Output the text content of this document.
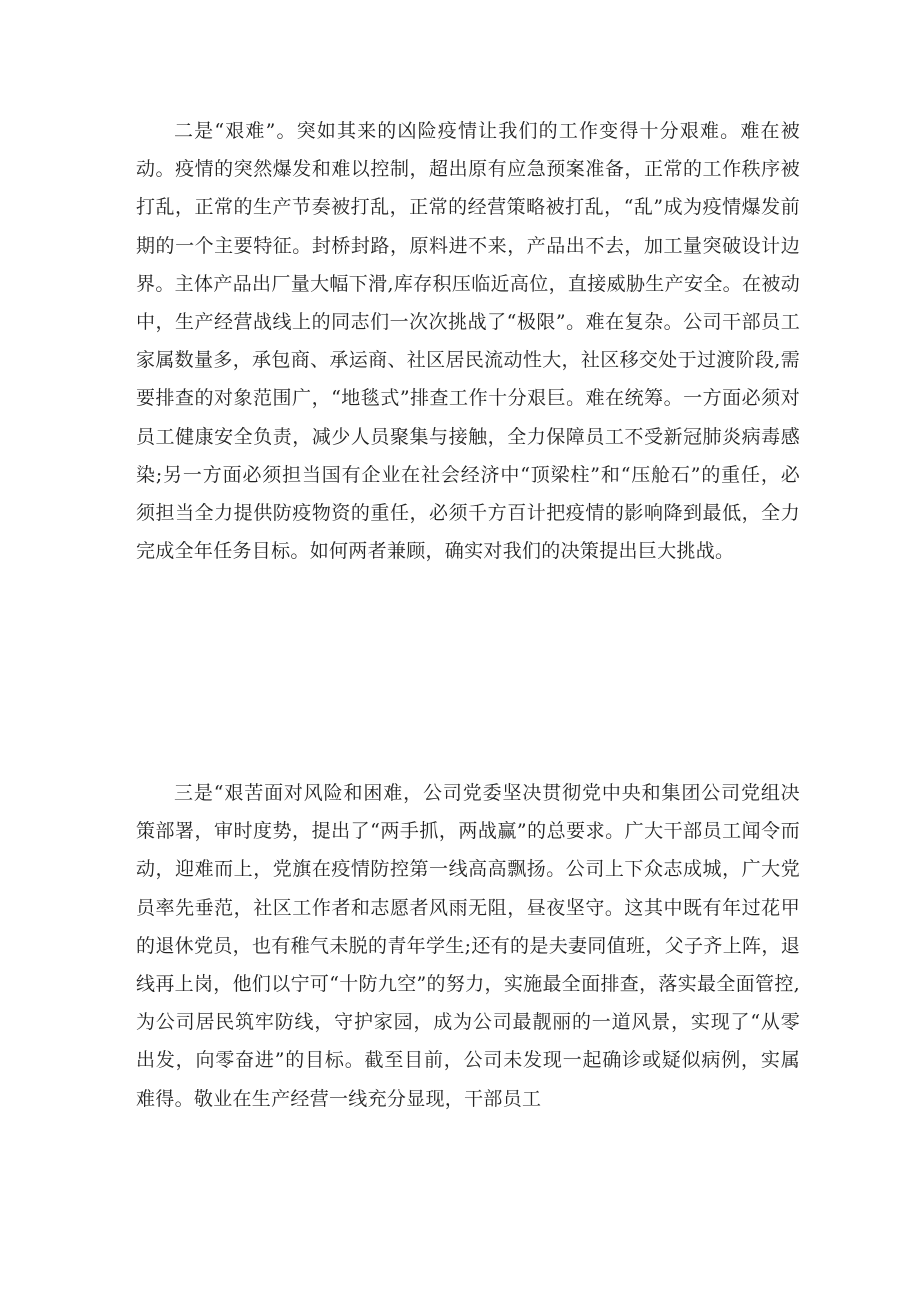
二是“艰难”。突如其来的凶险疫情让我们的工作变得十分艰难。难在被动。疫情的突然爆发和难以控制，超出原有应急预案准备，正常的工作秩序被打乱，正常的生产节奏被打乱，正常的经营策略被打乱，“乱”成为疫情爆发前期的一个主要特征。封桥封路，原料进不来，产品出不去，加工量突破设计边界。主体产品出厂量大幅下滑,库存积压临近高位，直接威胁生产安全。在被动中，生产经营战线上的同志们一次次挑战了“极限”。难在复杂。公司干部员工家属数量多，承包商、承运商、社区居民流动性大，社区移交处于过渡阶段,需要排查的对象范围广，“地毯式”排查工作十分艰巨。难在统筹。一方面必须对员工健康安全负责，减少人员聚集与接触，全力保障员工不受新冠肺炎病毒感染;另一方面必须担当国有企业在社会经济中“顶梁柱”和“压舱石”的重任，必须担当全力提供防疫物资的重任，必须千方百计把疫情的影响降到最低，全力完成全年任务目标。如何两者兼顾，确实对我们的决策提出巨大挑战。

三是“艰苦面对风险和困难，公司党委坚决贯彻党中央和集团公司党组决策部署，审时度势，提出了“两手抓，两战赢”的总要求。广大干部员工闻令而动，迎难而上，党旗在疫情防控第一线高高飘扬。公司上下众志成城，广大党员率先垂范，社区工作者和志愿者风雨无阻，昼夜坚守。这其中既有年过花甲的退休党员，也有稚气未脱的青年学生;还有的是夫妻同值班，父子齐上阵，退线再上岗，他们以宁可“十防九空”的努力，实施最全面排查，落实最全面管控,为公司居民筑牢防线，守护家园，成为公司最靓丽的一道风景，实现了“从零出发，向零奋进”的目标。截至目前，公司未发现一起确诊或疑似病例，实属难得。敬业在生产经营一线充分显现，干部员工
